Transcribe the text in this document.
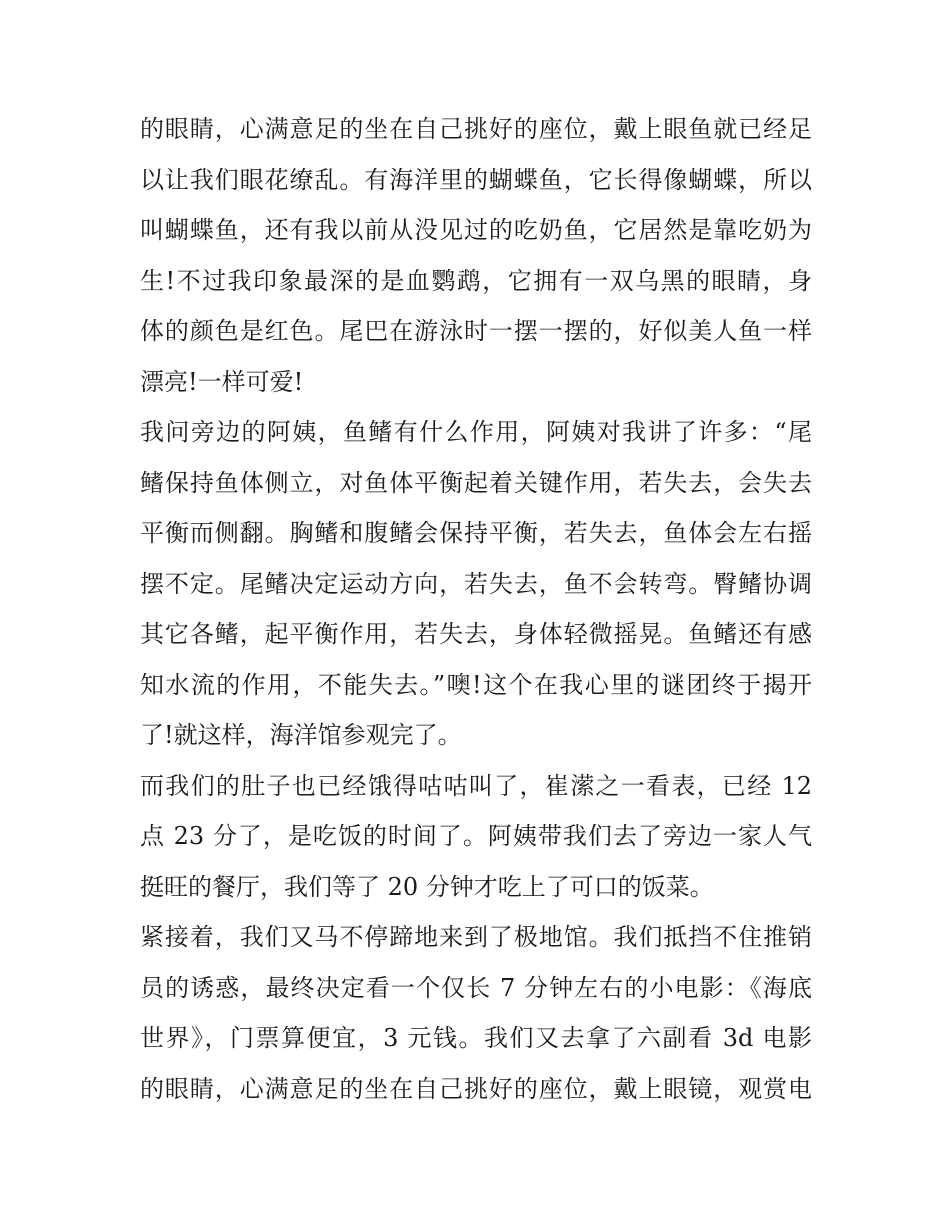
的眼睛，心满意足的坐在自己挑好的座位，戴上眼鱼就已经足
以让我们眼花缭乱。有海洋里的蝴蝶鱼，它长得像蝴蝶，所以
叫蝴蝶鱼，还有我以前从没见过的吃奶鱼，它居然是靠吃奶为
生!不过我印象最深的是血鹦鹉，它拥有一双乌黑的眼睛，身
体的颜色是红色。尾巴在游泳时一摆一摆的，好似美人鱼一样
漂亮!一样可爱!
我问旁边的阿姨，鱼鳍有什么作用，阿姨对我讲了许多：“尾
鳍保持鱼体侧立，对鱼体平衡起着关键作用，若失去，会失去
平衡而侧翻。胸鳍和腹鳍会保持平衡，若失去，鱼体会左右摇
摆不定。尾鳍决定运动方向，若失去，鱼不会转弯。臀鳍协调
其它各鳍，起平衡作用，若失去，身体轻微摇晃。鱼鳍还有感
知水流的作用，不能失去。”噢!这个在我心里的谜团终于揭开
了!就这样，海洋馆参观完了。
而我们的肚子也已经饿得咕咕叫了，崔潆之一看表，已经 12
点 23 分了，是吃饭的时间了。阿姨带我们去了旁边一家人气
挺旺的餐厅，我们等了 20 分钟才吃上了可口的饭菜。
紧接着，我们又马不停蹄地来到了极地馆。我们抵挡不住推销
员的诱惑，最终决定看一个仅长 7 分钟左右的小电影：《海底
世界》，门票算便宜，3 元钱。我们又去拿了六副看 3d 电影
的眼睛，心满意足的坐在自己挑好的座位，戴上眼镜，观赏电
